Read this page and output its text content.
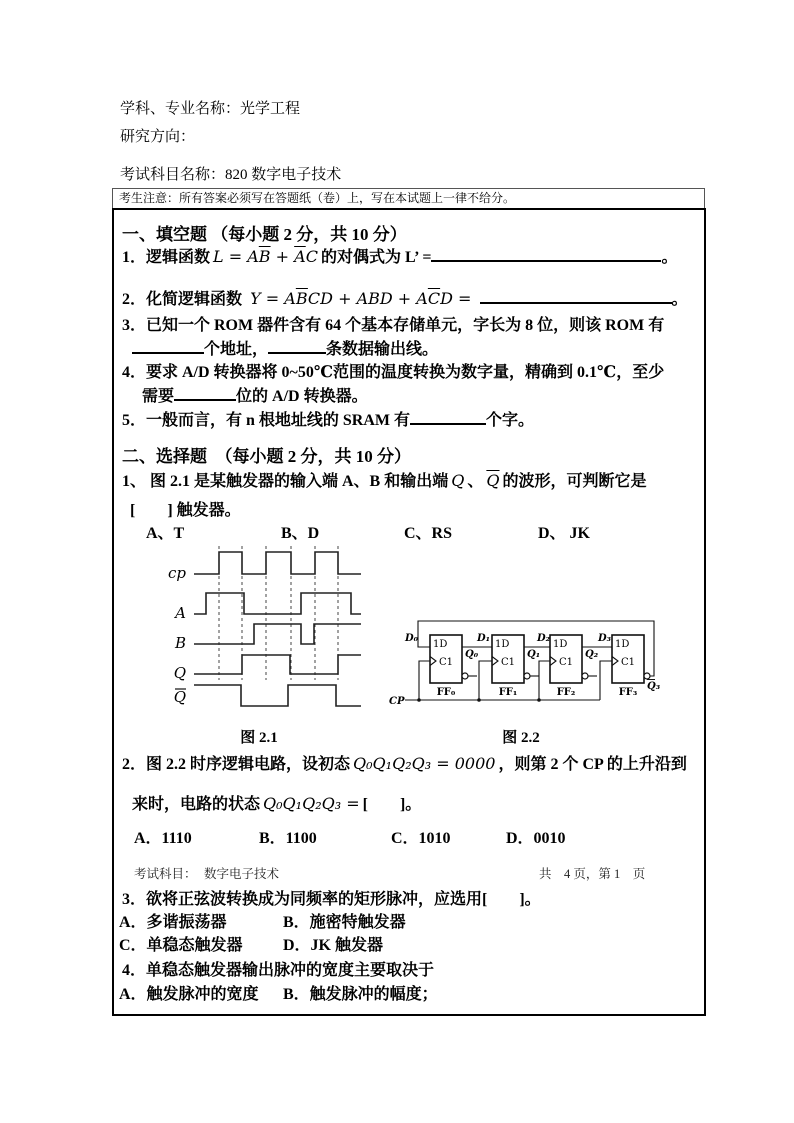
学科、专业名称：光学工程
研究方向：
考试科目名称：820 数字电子技术
考生注意：所有答案必须写在答题纸（卷）上，写在本试题上一律不给分。
一、填空题 （每小题 2 分，共 10 分）
1．逻辑函数 $L = A\overline{B} + \overline{A}C$ 的对偶式为 L’ =	。
2．化简逻辑函数 $Y = A\overline{B}CD$ + ABD + $A\overline{C}D$ =	。
3．已知一个 ROM 器件含有 64 个基本存储单元，字长为 8 位，则该 ROM 有
个地址，	条数据输出线。
4．要求 A/D 转换器将 0~50℃范围的温度转换为数字量，精确到 0.1℃，至少
需要	位的 A/D 转换器。
5．一般而言，有 n 根地址线的 SRAM 有	个字。
二、选择题　（每小题 2 分，共 10 分）
1、 图 2.1 是某触发器的输入端 A、B 和输出端 Q 、 $\overline{Q}$ 的波形，可判断它是
[　　] 触发器。
A、T	B、D	C、RS	D、 JK
cp
A
B
Q
Q	CP
1D
C1
D₀
FF₀
1D
C1
D₁
FF₁
Q₀
1D
C1
D₂
FF₂
Q₁
1D
C1
D₃
FF₃
Q₂
Q₃
图 2.1	图 2.2
2．图 2.2 时序逻辑电路，设初态 Q₀Q₁Q₂Q₃ = 0000 ，则第 2 个 CP 的上升沿到
来时，电路的状态 Q₀Q₁Q₂Q₃ = [　　]。
A．1110	B．1100	C．1010	D．0010
考试科目： 数字电子技术	共　4 页，第 1　页
3．欲将正弦波转换成为同频率的矩形脉冲，应选用[　　]。
A．多谐振荡器	B．施密特触发器
C．单稳态触发器	D．JK 触发器
4．单稳态触发器输出脉冲的宽度主要取决于
A．触发脉冲的宽度 B．触发脉冲的幅度；
